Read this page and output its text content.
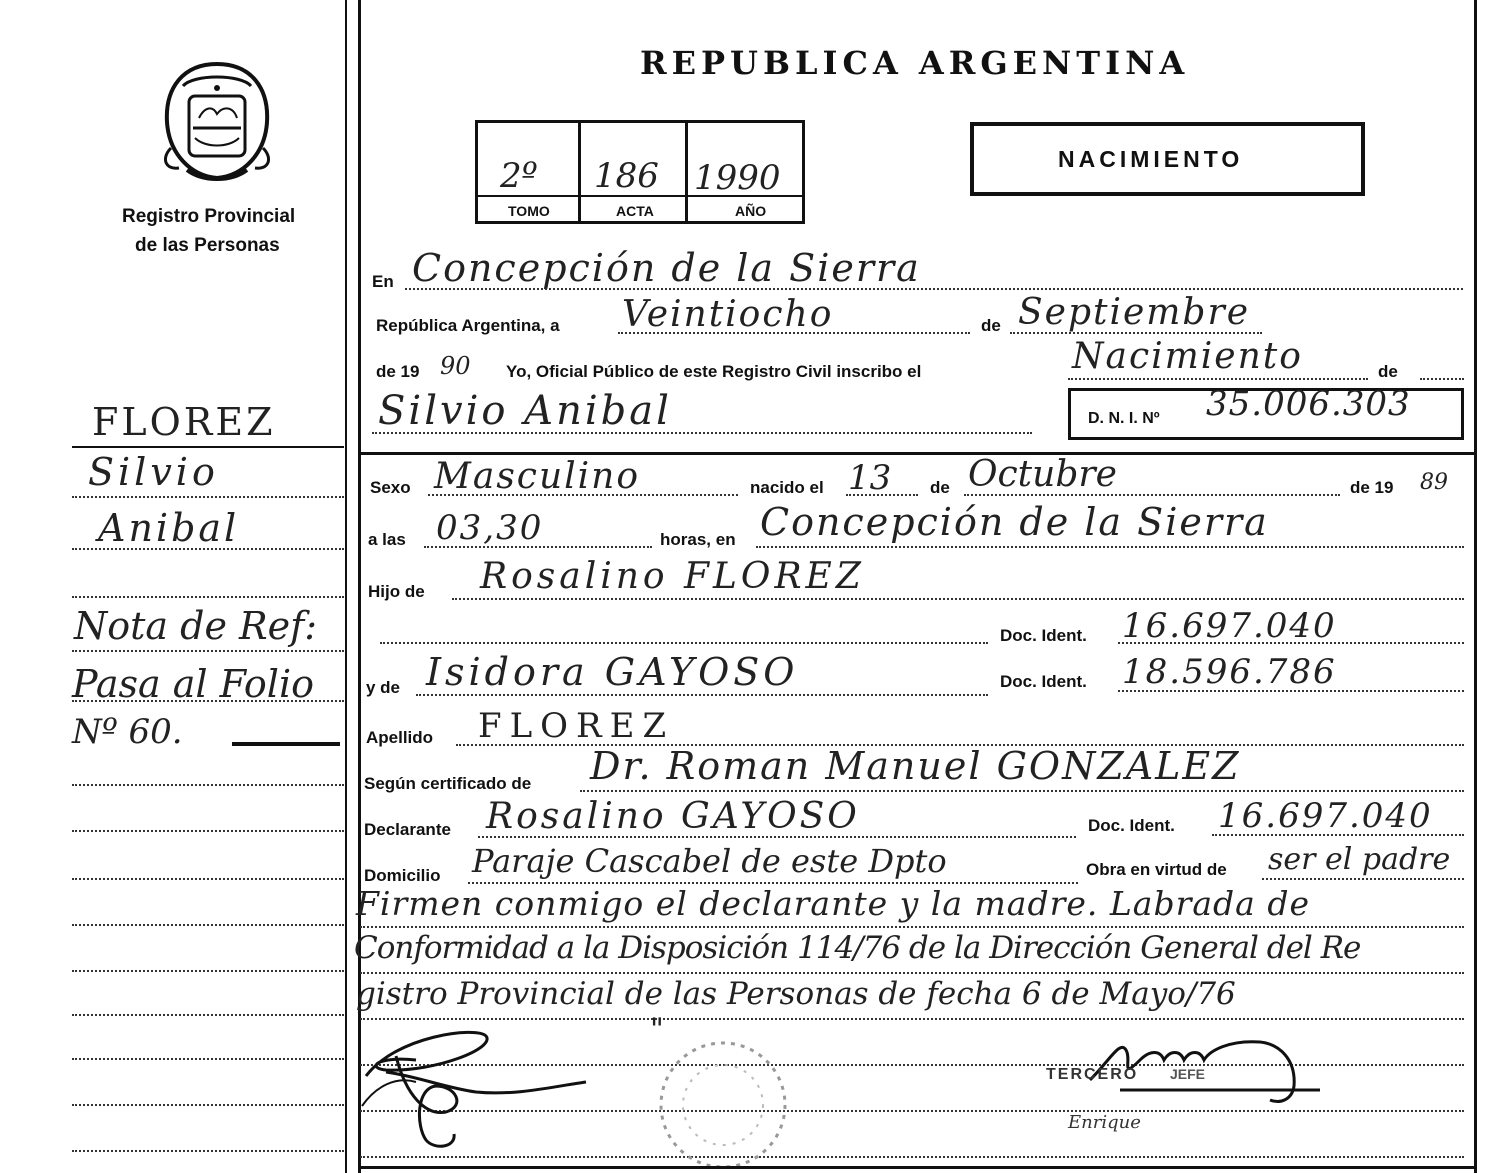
Registro Provincial
de las Personas
REPUBLICA ARGENTINA
2º
TOMO
186
ACTA
1990
AÑO
NACIMIENTO
FLOREZ
Silvio
Anibal
Nota de Ref:
Pasa al Folio
Nº 60.
En Concepción de la Sierra
República Argentina, a Veintiocho	de Septiembre
de 19 90 Yo, Oficial Público de este Registro Civil inscribo el	Nacimiento	de
Silvio Anibal	D. N. I. Nº 35.006.303
Sexo Masculino	nacido el 13 de Octubre	de 19 89
a las 03,30	horas, en Concepción de la Sierra
Hijo de Rosalino FLOREZ
Doc. Ident. 16.697.040
y de Isidora GAYOSO	Doc. Ident. 18.596.786
Apellido FLOREZ
Según certificado de Dr. Roman Manuel GONZALEZ
Declarante Rosalino GAYOSO	Doc. Ident. 16.697.040
Domicilio Paraje Cascabel de este Dpto	Obra en virtud de ser el padre
Firmen conmigo el declarante y la madre. Labrada de
Conformidad a la Disposición 114/76 de la Dirección General del Re
gistro Provincial de las Personas de fecha 6 de Mayo/76
"
TERCERO JEFE
Enrique
